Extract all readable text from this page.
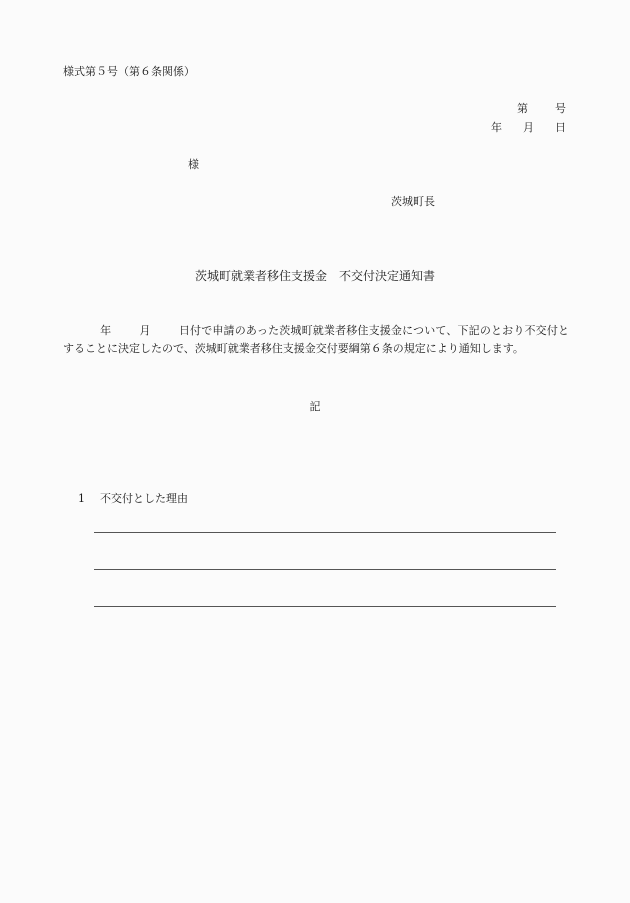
様式第５号（第６条関係）
第 号
年 月 日
様
茨城町長
茨城町就業者移住支援金　不交付決定通知書
年	月	日付で申請のあった茨城町就業者移住支援金について、下記のとおり不交付とすることに決定したので、茨城町就業者移住支援金交付要綱第６条の規定により通知します。
記
1 不交付とした理由
